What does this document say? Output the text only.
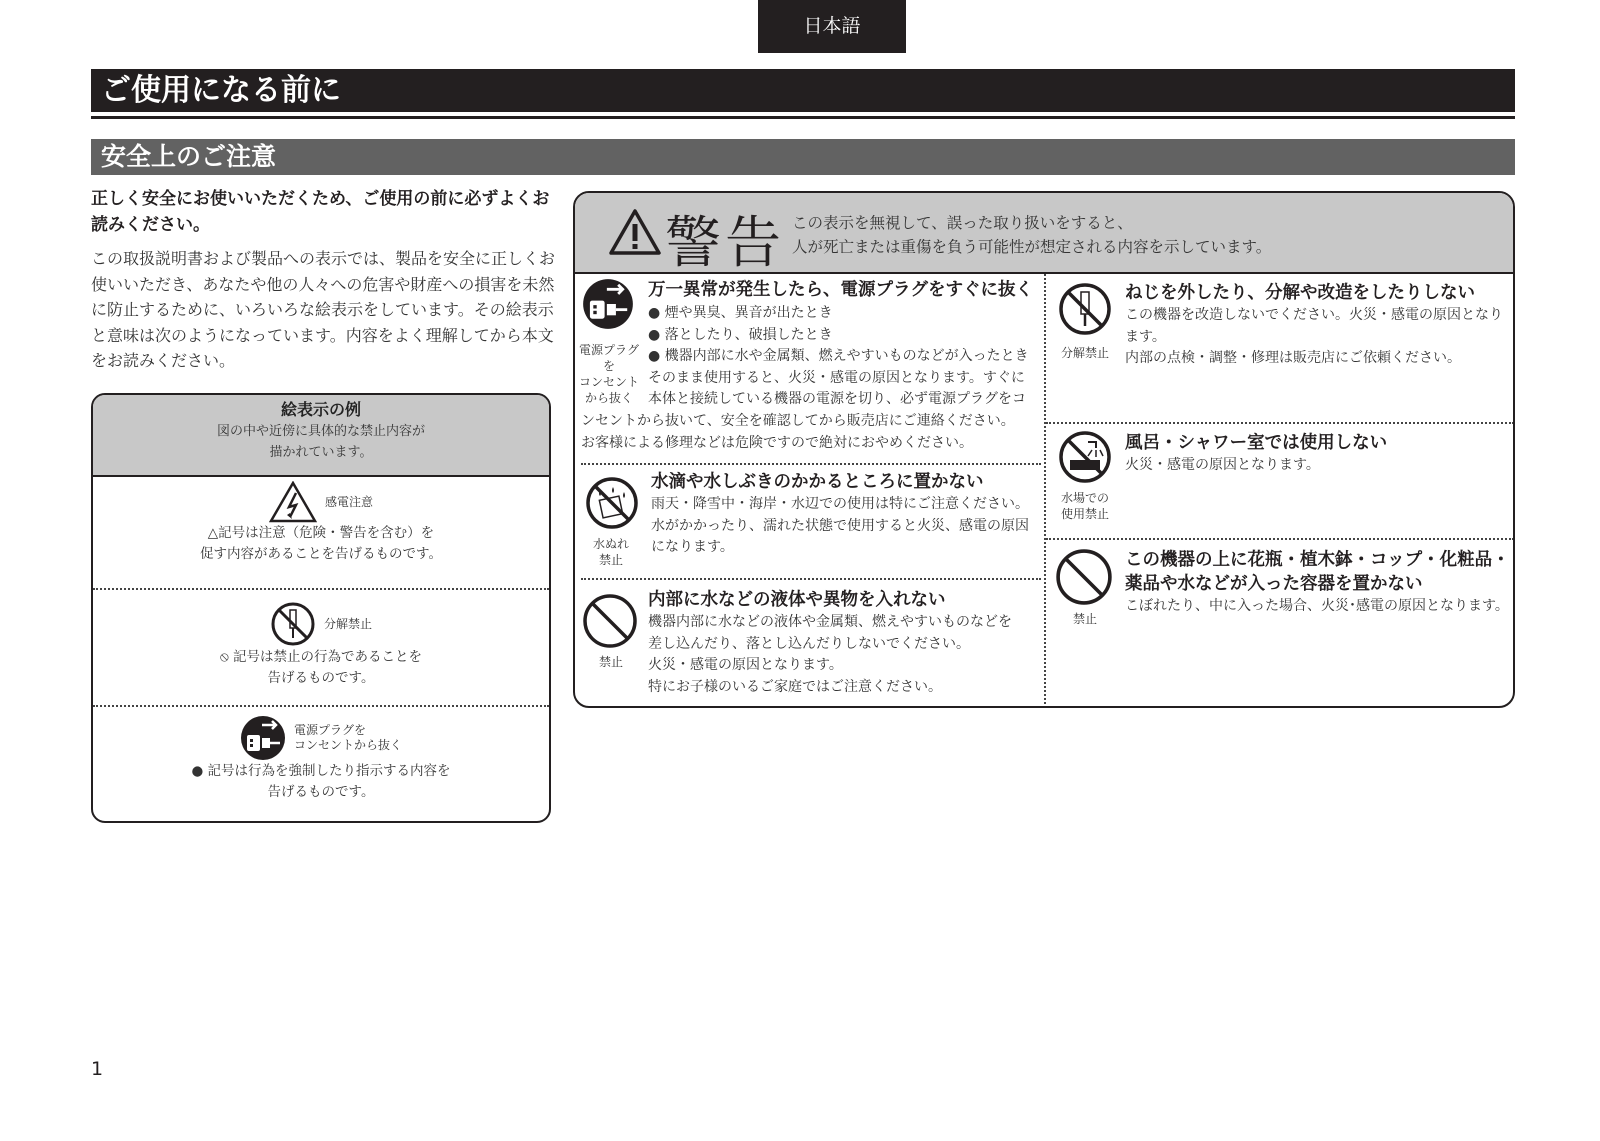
日本語
ご使用になる前に
安全上のご注意
正しく安全にお使いいただくため、ご使用の前に必ずよくお読みください。
この取扱説明書および製品への表示では、製品を安全に正しくお使いいただき、あなたや他の人々への危害や財産への損害を未然に防止するために、いろいろな絵表示をしています。その絵表示と意味は次のようになっています。内容をよく理解してから本文をお読みください。
絵表示の例
図の中や近傍に具体的な禁止内容が
描かれています。
感電注意
△記号は注意（危険・警告を含む）を
促す内容があることを告げるものです。
分解禁止
⦸ 記号は禁止の行為であることを
告げるものです。
電源プラグを
コンセントから抜く
● 記号は行為を強制したり指示する内容を
告げるものです。
警告 この表示を無視して、誤った取り扱いをすると、
人が死亡または重傷を負う可能性が想定される内容を示しています。
電源プラグを
コンセント
から抜く
万一異常が発生したら、電源プラグをすぐに抜く
● 煙や異臭、異音が出たとき
● 落としたり、破損したとき
● 機器内部に水や金属類、燃えやすいものなどが入ったとき
そのまま使用すると、火災・感電の原因となります。すぐに
本体と接続している機器の電源を切り、必ず電源プラグをコ
ンセントから抜いて、安全を確認してから販売店にご連絡ください。
お客様による修理などは危険ですので絶対におやめください。
水ぬれ
禁止
水滴や水しぶきのかかるところに置かない
雨天・降雪中・海岸・水辺での使用は特にご注意ください。
水がかかったり、濡れた状態で使用すると火災、感電の原因
になります。
禁止
内部に水などの液体や異物を入れない
機器内部に水などの液体や金属類、燃えやすいものなどを
差し込んだり、落とし込んだりしないでください。
火災・感電の原因となります。
特にお子様のいるご家庭ではご注意ください。
分解禁止
ねじを外したり、分解や改造をしたりしない
この機器を改造しないでください。火災・感電の原因となり
ます。
内部の点検・調整・修理は販売店にご依頼ください。
水場での
使用禁止
風呂・シャワー室では使用しない
火災・感電の原因となります。
禁止
この機器の上に花瓶・植木鉢・コップ・化粧品・
薬品や水などが入った容器を置かない
こぼれたり、中に入った場合、火災･感電の原因となります。
1
